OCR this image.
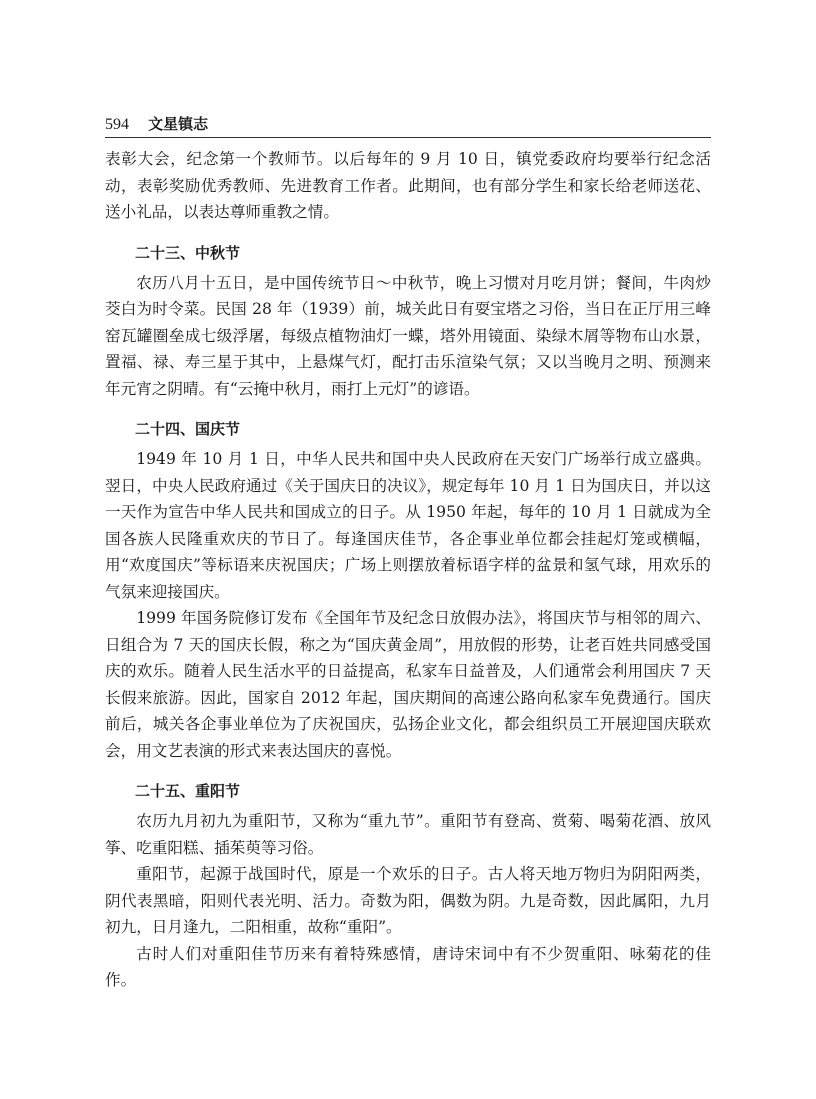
594 文星镇志

表彰大会，纪念第一个教师节。以后每年的 9 月 10 日，镇党委政府均要举行纪念活动，表彰奖励优秀教师、先进教育工作者。此期间，也有部分学生和家长给老师送花、送小礼品，以表达尊师重教之情。

二十三、中秋节

农历八月十五日，是中国传统节日～中秋节，晚上习惯对月吃月饼；餐间，牛肉炒茭白为时令菜。民国 28 年（1939）前，城关此日有耍宝塔之习俗，当日在正厅用三峰窑瓦罐圈垒成七级浮屠，每级点植物油灯一蝶，塔外用镜面、染绿木屑等物布山水景，置福、禄、寿三星于其中，上悬煤气灯，配打击乐渲染气氛；又以当晚月之明、预测来年元宵之阴晴。有“云掩中秋月，雨打上元灯”的谚语。

二十四、国庆节

1949 年 10 月 1 日，中华人民共和国中央人民政府在天安门广场举行成立盛典。翌日，中央人民政府通过《关于国庆日的决议》，规定每年 10 月 1 日为国庆日，并以这一天作为宣告中华人民共和国成立的日子。从 1950 年起，每年的 10 月 1 日就成为全国各族人民隆重欢庆的节日了。每逢国庆佳节，各企事业单位都会挂起灯笼或横幅，用“欢度国庆”等标语来庆祝国庆；广场上则摆放着标语字样的盆景和氢气球，用欢乐的气氛来迎接国庆。

1999 年国务院修订发布《全国年节及纪念日放假办法》，将国庆节与相邻的周六、日组合为 7 天的国庆长假，称之为“国庆黄金周”，用放假的形势，让老百姓共同感受国庆的欢乐。随着人民生活水平的日益提高，私家车日益普及，人们通常会利用国庆 7 天长假来旅游。因此，国家自 2012 年起，国庆期间的高速公路向私家车免费通行。国庆前后，城关各企事业单位为了庆祝国庆，弘扬企业文化，都会组织员工开展迎国庆联欢会，用文艺表演的形式来表达国庆的喜悦。

二十五、重阳节

农历九月初九为重阳节，又称为“重九节”。重阳节有登高、赏菊、喝菊花酒、放风筝、吃重阳糕、插茱萸等习俗。

重阳节，起源于战国时代，原是一个欢乐的日子。古人将天地万物归为阴阳两类，阴代表黑暗，阳则代表光明、活力。奇数为阳，偶数为阴。九是奇数，因此属阳，九月初九，日月逢九，二阳相重，故称“重阳”。

古时人们对重阳佳节历来有着特殊感情，唐诗宋词中有不少贺重阳、咏菊花的佳作。
